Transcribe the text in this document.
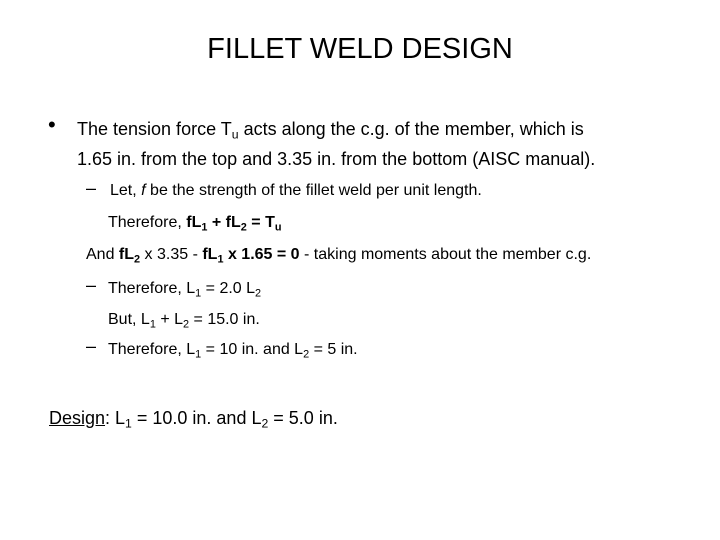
FILLET WELD DESIGN
• The tension force $T_u$ acts along the c.g. of the member, which is
1.65 in. from the top and 3.35 in. from the bottom (AISC manual).
– Let, f be the strength of the fillet weld per unit length.
Therefore, $fL_1 + fL_2 = T_u$
And $fL_2$ x $3.35 - fL_1$ x 1.65 = 0 - taking moments about the member c.g.
– Therefore, $L_1 = 2.0$ $L_2$
But, $L_1 + L_2 = 15.0$ in.
– Therefore, $L_1 = 10$ in. and $L_2 = 5$ in.
Design: $L_1 = 10.0$ in. and $L_2 = 5.0$ in.
